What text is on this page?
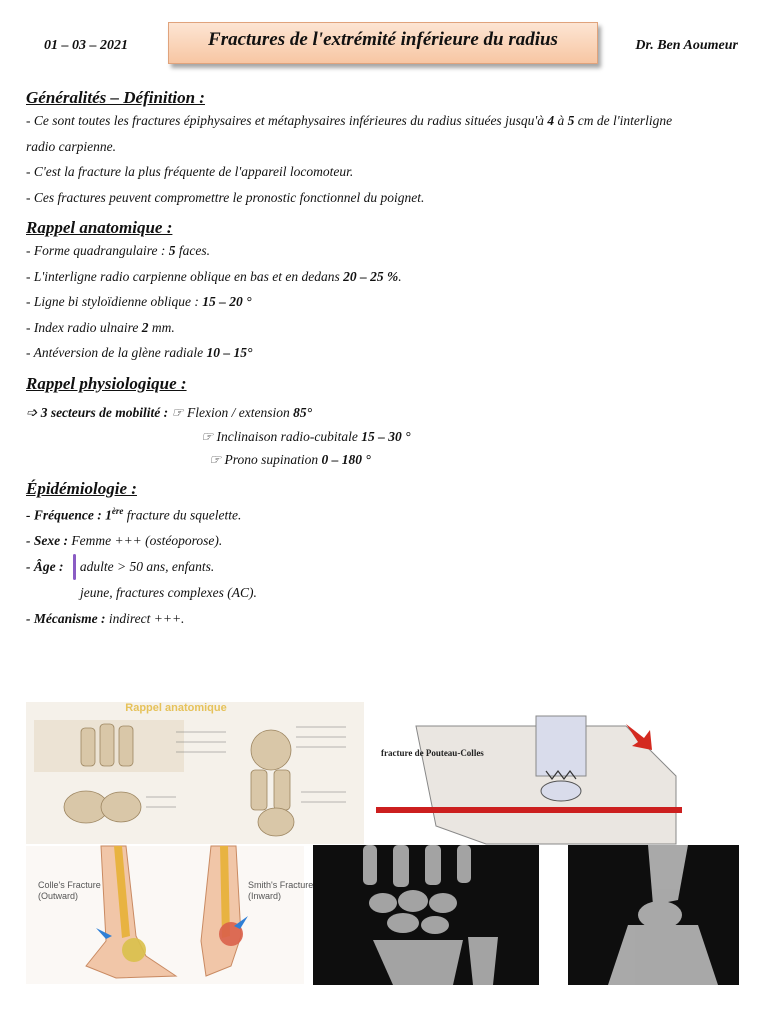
01 – 03 – 2021	Fractures de l'extrémité inférieure du radius	Dr. Ben Aoumeur

Généralités – Définition :

- Ce sont toutes les fractures épiphysaires et métaphysaires inférieures du radius situées jusqu'à 4 à 5 cm de l'interligne

radio carpienne.

- C'est la fracture la plus fréquente de l'appareil locomoteur.

- Ces fractures peuvent compromettre le pronostic fonctionnel du poignet.

Rappel anatomique :

- Forme quadrangulaire : 5 faces.

- L'interligne radio carpienne oblique en bas et en dedans 20 – 25 %.

- Ligne bi styloïdienne oblique : 15 – 20 °

- Index radio ulnaire 2 mm.

- Antéversion de la glène radiale 10 – 15°

Rappel physiologique :

➩ 3 secteurs de mobilité : ☞ Flexion / extension 85°

☞ Inclinaison radio-cubitale 15 – 30 °

☞ Prono supination 0 – 180 °

Épidémiologie :

- Fréquence : 1ère fracture du squelette.

- Sexe : Femme +++ (ostéoporose).

- Âge : adulte > 50 ans, enfants.

jeune, fractures complexes (AC).

- Mécanisme : indirect +++.

Rappel anatomique
fracture de Pouteau-Colles
Colle's Fracture
(Outward)
Smith's Fracture
(Inward)
